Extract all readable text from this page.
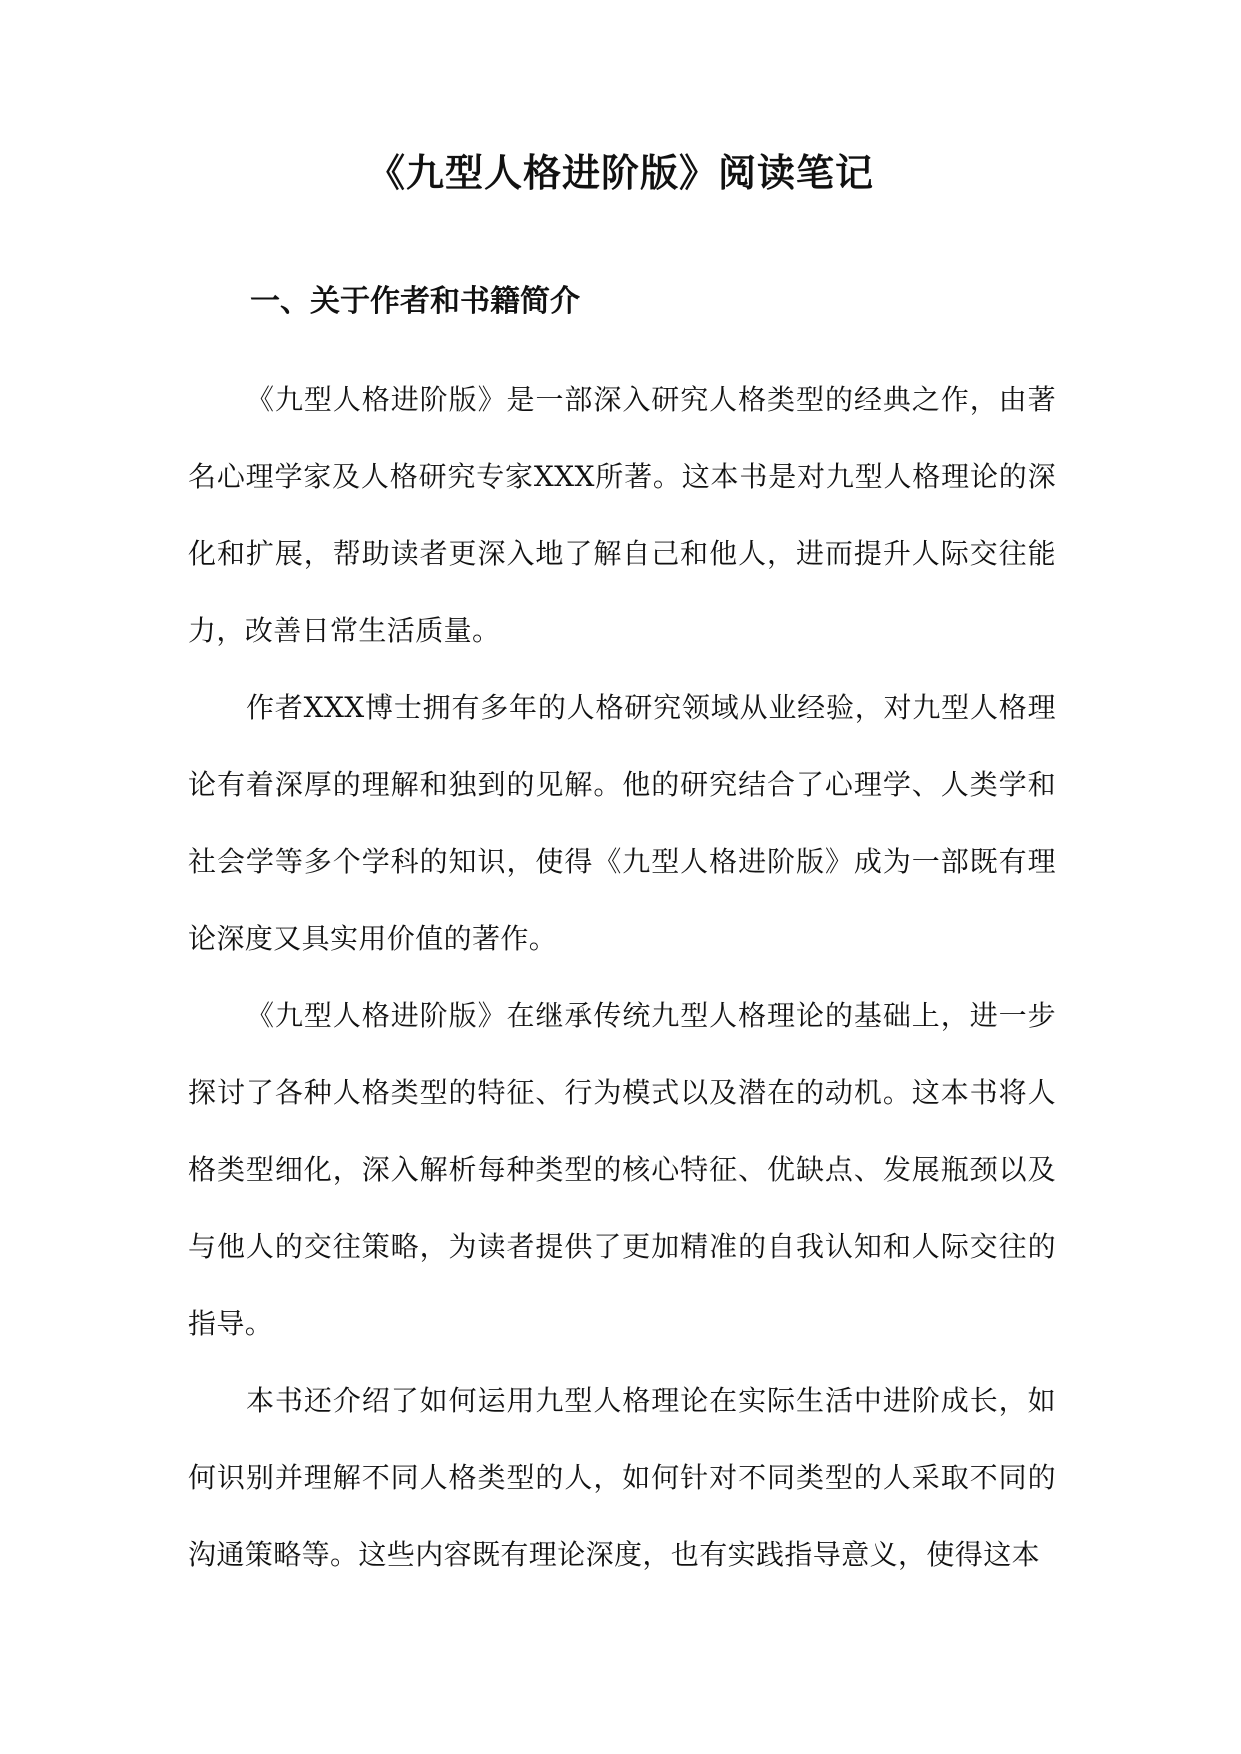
《九型人格进阶版》阅读笔记
一、关于作者和书籍简介

《九型人格进阶版》是一部深入研究人格类型的经典之作，由著名心理学家及人格研究专家XXX所著。这本书是对九型人格理论的深化和扩展，帮助读者更深入地了解自己和他人，进而提升人际交往能力，改善日常生活质量。

作者XXX博士拥有多年的人格研究领域从业经验，对九型人格理论有着深厚的理解和独到的见解。他的研究结合了心理学、人类学和社会学等多个学科的知识，使得《九型人格进阶版》成为一部既有理论深度又具实用价值的著作。

《九型人格进阶版》在继承传统九型人格理论的基础上，进一步探讨了各种人格类型的特征、行为模式以及潜在的动机。这本书将人格类型细化，深入解析每种类型的核心特征、优缺点、发展瓶颈以及与他人的交往策略，为读者提供了更加精准的自我认知和人际交往的指导。

本书还介绍了如何运用九型人格理论在实际生活中进阶成长，如何识别并理解不同人格类型的人，如何针对不同类型的人采取不同的沟通策略等。这些内容既有理论深度，也有实践指导意义，使得这本
